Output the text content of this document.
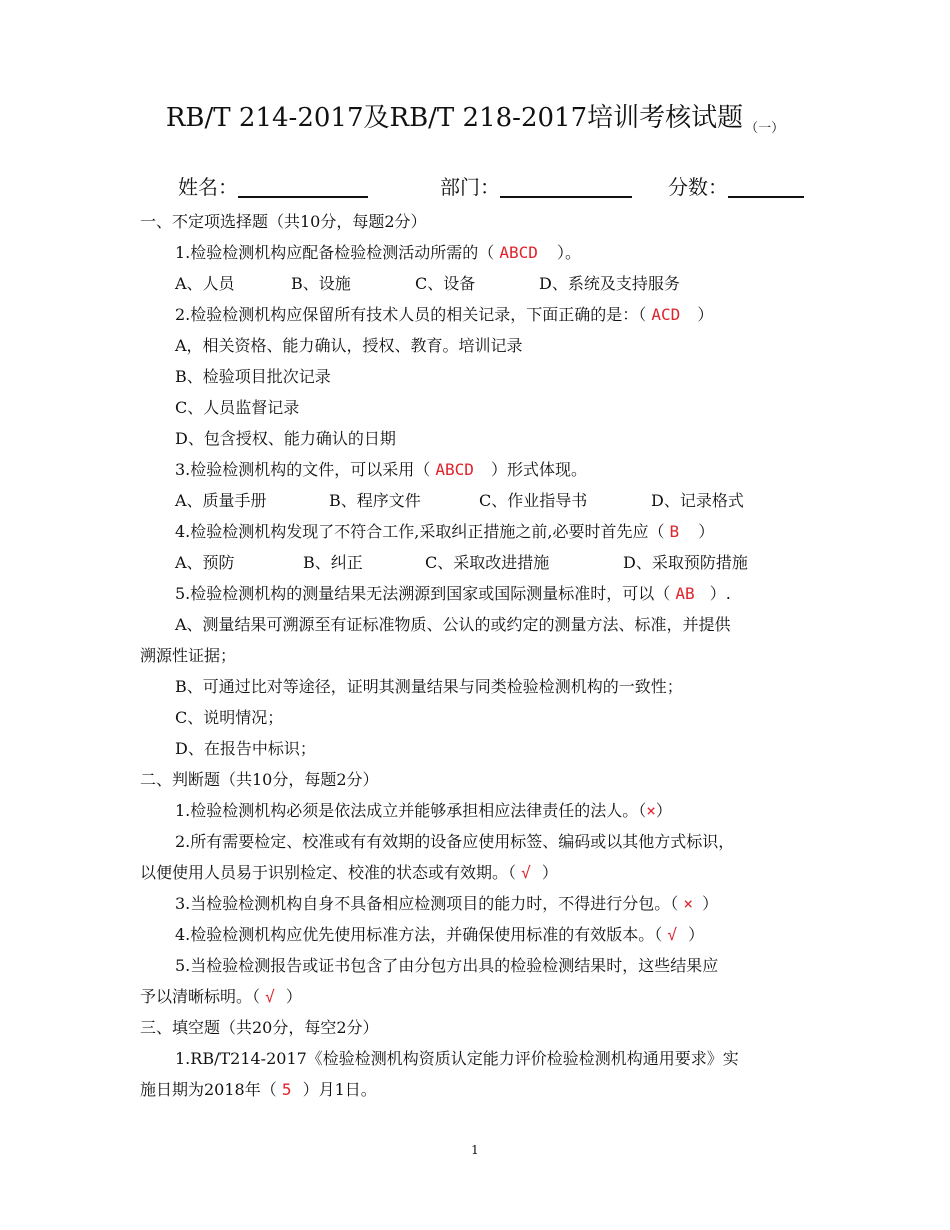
RB/T 214-2017及RB/T 218-2017培训考核试题 $_{(一)}$
姓名：	部门：	分数：
一、不定项选择题（共10分，每题2分）
1.检验检测机构应配备检验检测活动所需的（ ABCD ）。
A、人员	B、设施	C、设备	D、系统及支持服务
2.检验检测机构应保留所有技术人员的相关记录，下面正确的是：（ ACD ）
A，相关资格、能力确认，授权、教育。培训记录
B、检验项目批次记录
C、人员监督记录
D、包含授权、能力确认的日期
3.检验检测机构的文件，可以采用（ ABCD ）形式体现。
A、质量手册	B、程序文件	C、作业指导书	D、记录格式
4.检验检测机构发现了不符合工作,采取纠正措施之前,必要时首先应（ B ）
A、预防	B、纠正	C、采取改进措施	D、采取预防措施
5.检验检测机构的测量结果无法溯源到国家或国际测量标准时，可以（ AB ）.
A、测量结果可溯源至有证标准物质、公认的或约定的测量方法、标准，并提供
溯源性证据；
B、可通过比对等途径，证明其测量结果与同类检验检测机构的一致性；
C、说明情况；
D、在报告中标识；
二、判断题（共10分，每题2分）
1.检验检测机构必须是依法成立并能够承担相应法律责任的法人。（×）
2.所有需要检定、校准或有有效期的设备应使用标签、编码或以其他方式标识，
以便使用人员易于识别检定、校准的状态或有效期。（ √ ）
3.当检验检测机构自身不具备相应检测项目的能力时，不得进行分包。（ × ）
4.检验检测机构应优先使用标准方法，并确保使用标准的有效版本。（ √ ）
5.当检验检测报告或证书包含了由分包方出具的检验检测结果时，这些结果应
予以清晰标明。（ √ ）
三、填空题（共20分，每空2分）
1.RB/T214-2017《检验检测机构资质认定能力评价检验检测机构通用要求》实
施日期为2018年（ 5 ）月1日。
1
